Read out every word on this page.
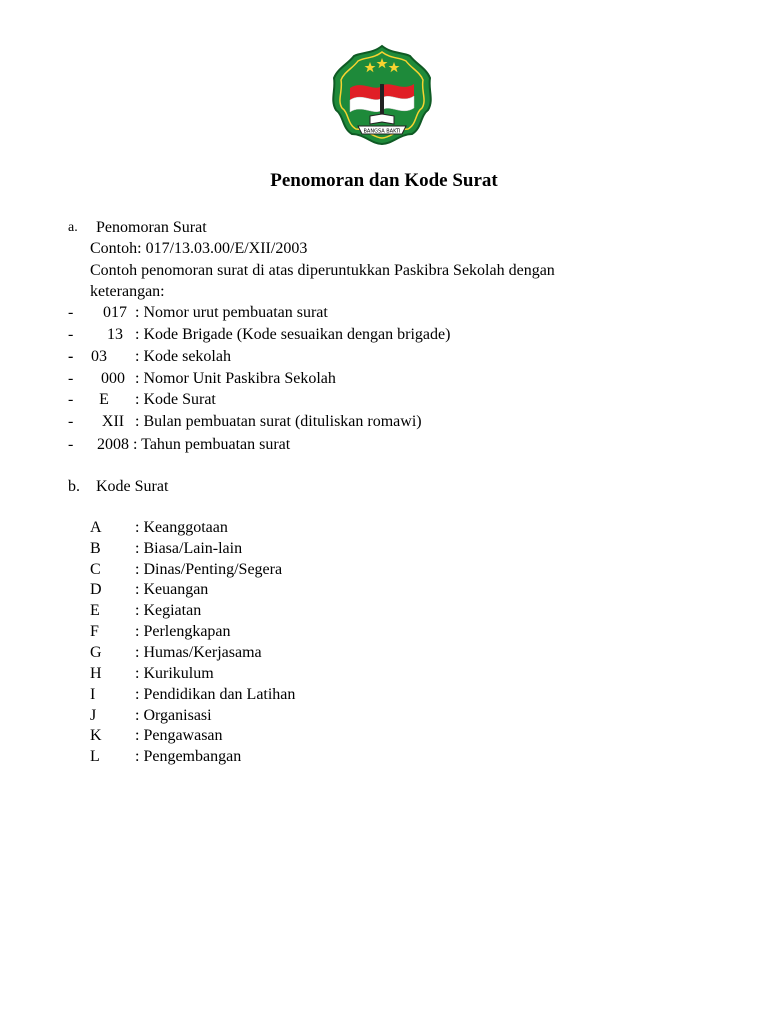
BANGSA BAKTI
Penomoran dan Kode Surat
a. Penomoran Surat
Contoh: 017/13.03.00/E/XII/2003
Contoh penomoran surat di atas diperuntukkan Paskibra Sekolah dengan
keterangan:
-	017 : Nomor urut pembuatan surat
-	13 : Kode Brigade (Kode sesuaikan dengan brigade)
- 03 : Kode sekolah
-	000 : Nomor Unit Paskibra Sekolah
- E : Kode Surat
-	XII : Bulan pembuatan surat (dituliskan romawi)
- 2008 : Tahun pembuatan surat
b. Kode Surat
A : Keanggotaan
B : Biasa/Lain-lain
C : Dinas/Penting/Segera
D : Keuangan
E : Kegiatan
F : Perlengkapan
G : Humas/Kerjasama
H : Kurikulum
I : Pendidikan dan Latihan
J : Organisasi
K : Pengawasan
L : Pengembangan
